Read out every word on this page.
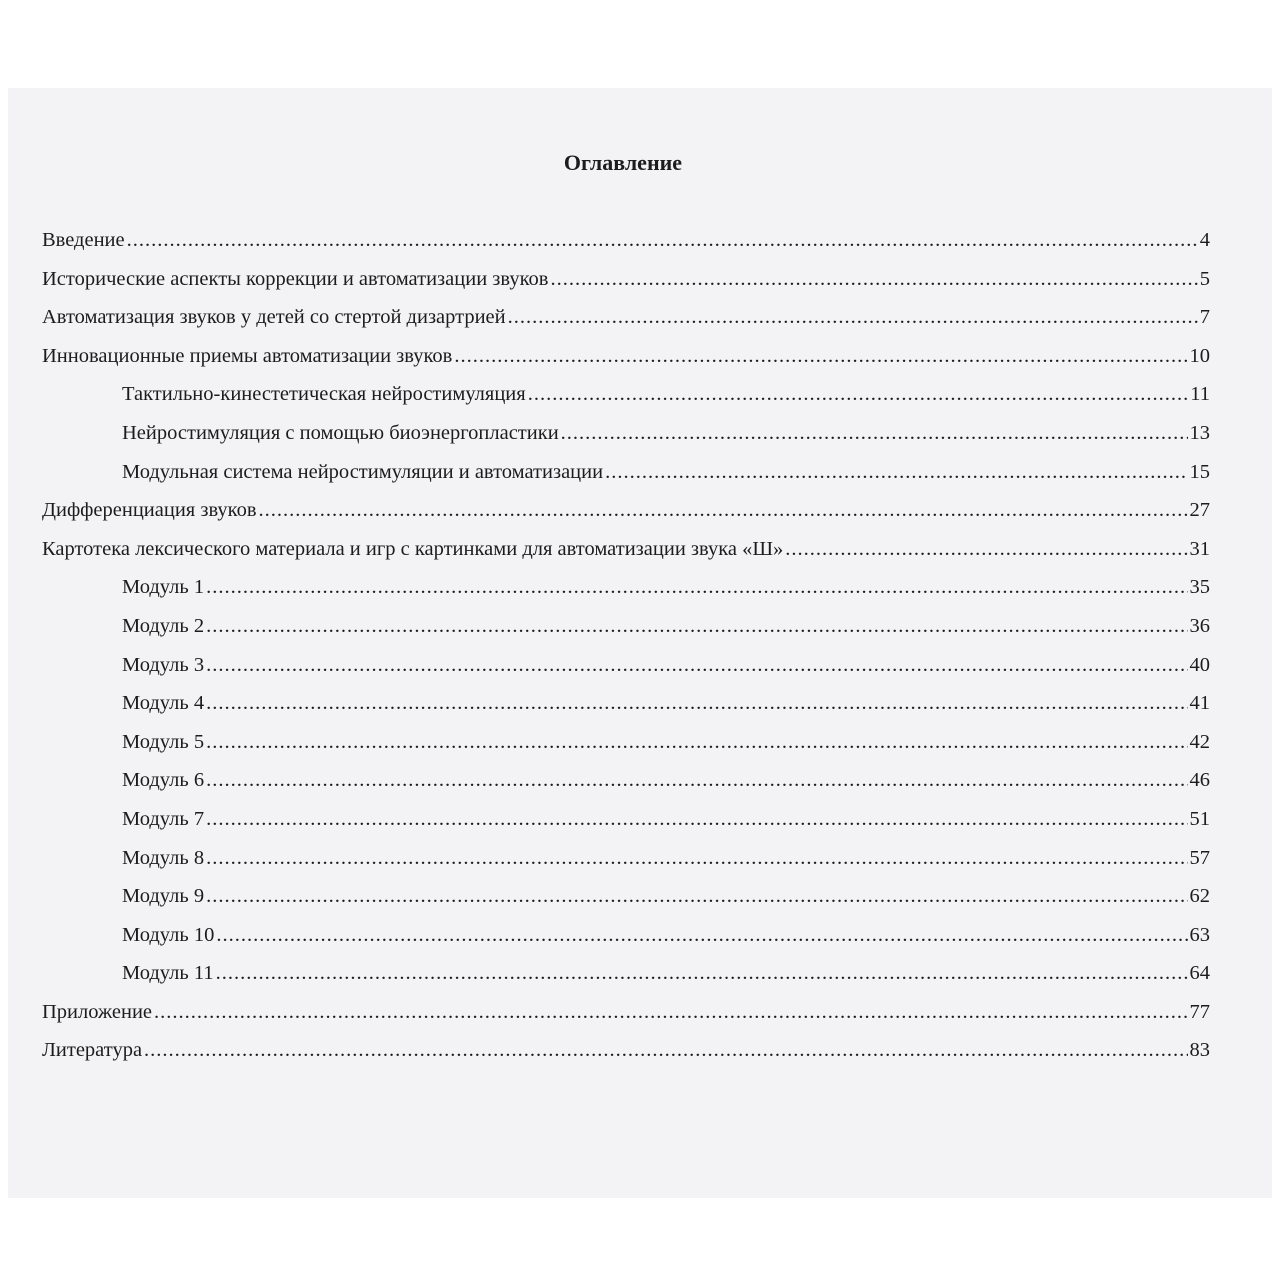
Оглавление
Введение .....	4
Исторические аспекты коррекции и автоматизации звуков .....	5
Автоматизация звуков у детей со стертой дизартрией .....	7
Инновационные приемы автоматизации звуков .....	10
Тактильно-кинестетическая нейростимуляция .....	11
Нейростимуляция с помощью биоэнергопластики .....	13
Модульная система нейростимуляции и автоматизации .....	15
Дифференциация звуков .....	27
Картотека лексического материала и игр с картинками для автоматизации звука «Ш» .....	31
Модуль 1 .....	35
Модуль 2 .....	36
Модуль 3 .....	40
Модуль 4 .....	41
Модуль 5 .....	42
Модуль 6 .....	46
Модуль 7 .....	51
Модуль 8 .....	57
Модуль 9 .....	62
Модуль 10 .....	63
Модуль 11 .....	64
Приложение .....	77
Литература .....	83
